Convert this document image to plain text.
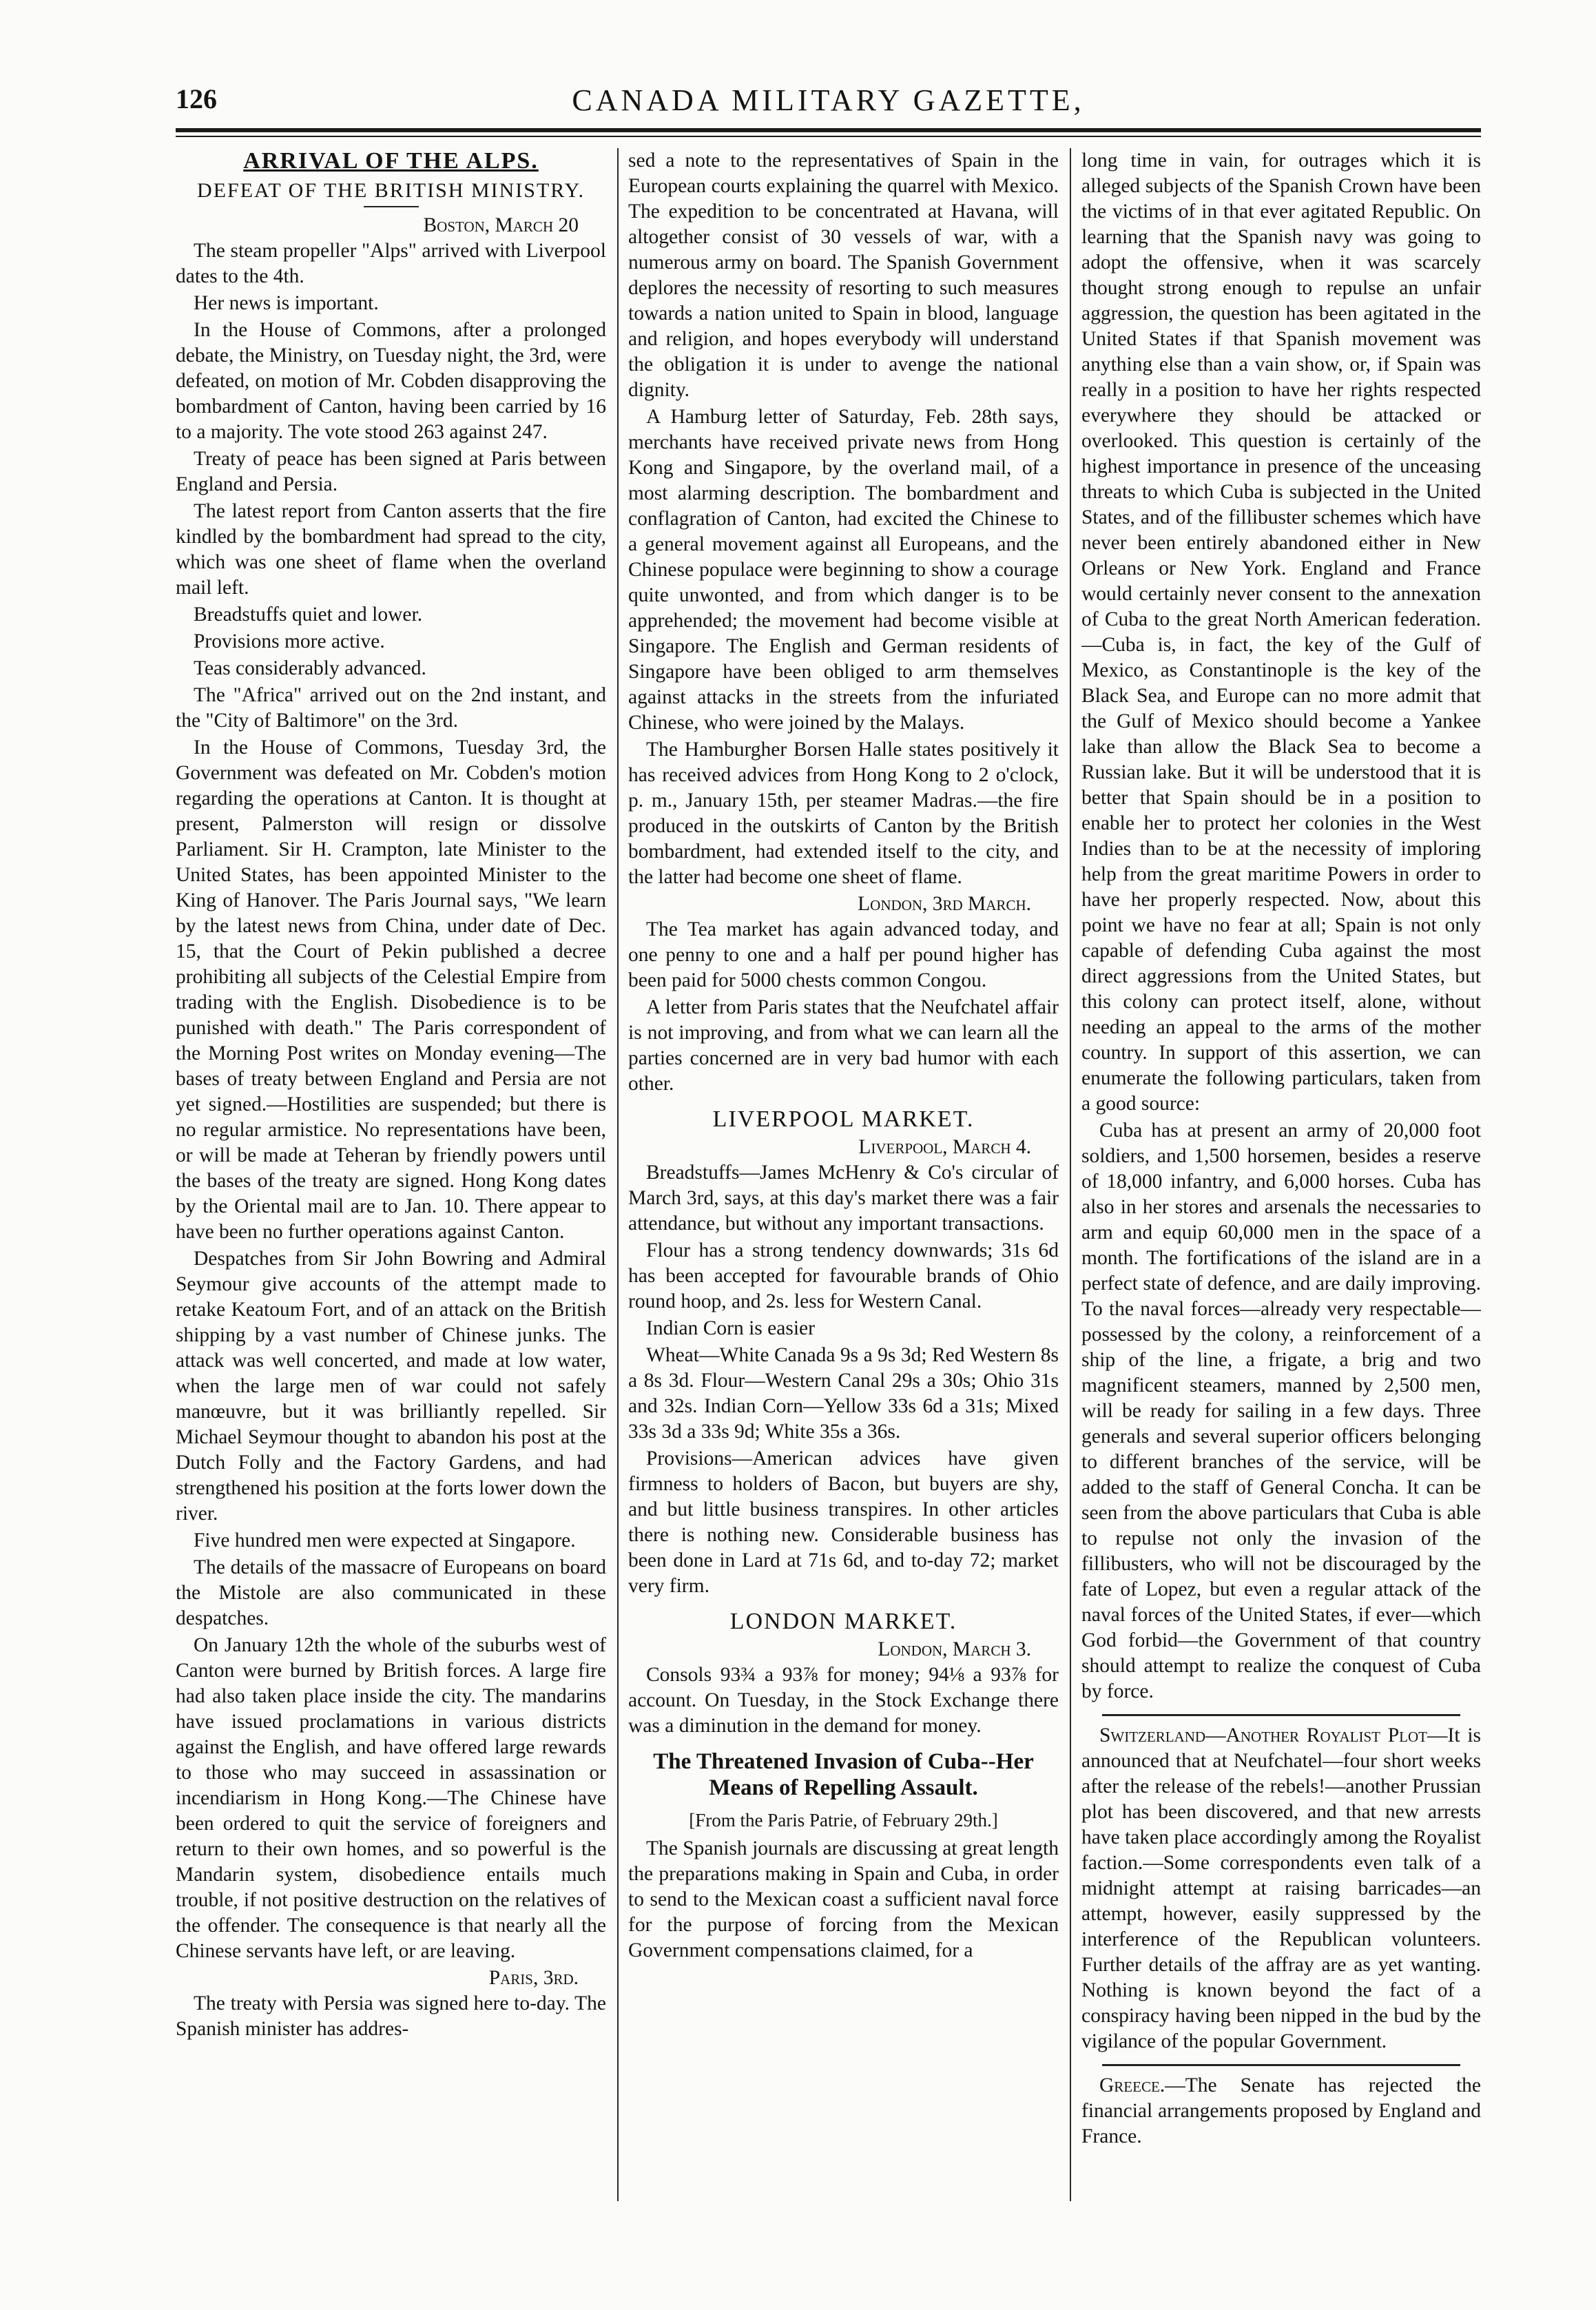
126	CANADA MILITARY GAZETTE,
ARRIVAL OF THE ALPS.
DEFEAT OF THE BRITISH MINISTRY.
Boston, March 20

The steam propeller "Alps" arrived with Liverpool dates to the 4th.

Her news is important.

In the House of Commons, after a prolonged debate, the Ministry, on Tuesday night, the 3rd, were defeated, on motion of Mr. Cobden disapproving the bombardment of Canton, having been carried by 16 to a majority. The vote stood 263 against 247.

Treaty of peace has been signed at Paris between England and Persia.

The latest report from Canton asserts that the fire kindled by the bombardment had spread to the city, which was one sheet of flame when the overland mail left.

Breadstuffs quiet and lower.

Provisions more active.

Teas considerably advanced.

The "Africa" arrived out on the 2nd instant, and the "City of Baltimore" on the 3rd.

In the House of Commons, Tuesday 3rd, the Government was defeated on Mr. Cobden's motion regarding the operations at Canton. It is thought at present, Palmerston will resign or dissolve Parliament. Sir H. Crampton, late Minister to the United States, has been appointed Minister to the King of Hanover. The Paris Journal says, "We learn by the latest news from China, under date of Dec. 15, that the Court of Pekin published a decree prohibiting all subjects of the Celestial Empire from trading with the English. Disobedience is to be punished with death." The Paris correspondent of the Morning Post writes on Monday evening—The bases of treaty between England and Persia are not yet signed.—Hostilities are suspended; but there is no regular armistice. No representations have been, or will be made at Teheran by friendly powers until the bases of the treaty are signed. Hong Kong dates by the Oriental mail are to Jan. 10. There appear to have been no further operations against Canton.

Despatches from Sir John Bowring and Admiral Seymour give accounts of the attempt made to retake Keatoum Fort, and of an attack on the British shipping by a vast number of Chinese junks. The attack was well concerted, and made at low water, when the large men of war could not safely manœuvre, but it was brilliantly repelled. Sir Michael Seymour thought to abandon his post at the Dutch Folly and the Factory Gardens, and had strengthened his position at the forts lower down the river.

Five hundred men were expected at Singapore.

The details of the massacre of Europeans on board the Mistole are also communicated in these despatches.

On January 12th the whole of the suburbs west of Canton were burned by British forces. A large fire had also taken place inside the city. The mandarins have issued proclamations in various districts against the English, and have offered large rewards to those who may succeed in assassination or incendiarism in Hong Kong.—The Chinese have been ordered to quit the service of foreigners and return to their own homes, and so powerful is the Mandarin system, disobedience entails much trouble, if not positive destruction on the relatives of the offender. The consequence is that nearly all the Chinese servants have left, or are leaving.

Paris, 3rd.

The treaty with Persia was signed here to-day. The Spanish minister has addres-

sed a note to the representatives of Spain in the European courts explaining the quarrel with Mexico. The expedition to be concentrated at Havana, will altogether consist of 30 vessels of war, with a numerous army on board. The Spanish Government deplores the necessity of resorting to such measures towards a nation united to Spain in blood, language and religion, and hopes everybody will understand the obligation it is under to avenge the national dignity.

A Hamburg letter of Saturday, Feb. 28th says, merchants have received private news from Hong Kong and Singapore, by the overland mail, of a most alarming description. The bombardment and conflagration of Canton, had excited the Chinese to a general movement against all Europeans, and the Chinese populace were beginning to show a courage quite unwonted, and from which danger is to be apprehended; the movement had become visible at Singapore. The English and German residents of Singapore have been obliged to arm themselves against attacks in the streets from the infuriated Chinese, who were joined by the Malays.

The Hamburgher Borsen Halle states positively it has received advices from Hong Kong to 2 o'clock, p. m., January 15th, per steamer Madras.—the fire produced in the outskirts of Canton by the British bombardment, had extended itself to the city, and the latter had become one sheet of flame.

London, 3rd March.

The Tea market has again advanced today, and one penny to one and a half per pound higher has been paid for 5000 chests common Congou.

A letter from Paris states that the Neufchatel affair is not improving, and from what we can learn all the parties concerned are in very bad humor with each other.

LIVERPOOL MARKET.
Liverpool, March 4.

Breadstuffs—James McHenry & Co's circular of March 3rd, says, at this day's market there was a fair attendance, but without any important transactions.

Flour has a strong tendency downwards; 31s 6d has been accepted for favourable brands of Ohio round hoop, and 2s. less for Western Canal.

Indian Corn is easier

Wheat—White Canada 9s a 9s 3d; Red Western 8s a 8s 3d. Flour—Western Canal 29s a 30s; Ohio 31s and 32s. Indian Corn—Yellow 33s 6d a 31s; Mixed 33s 3d a 33s 9d; White 35s a 36s.

Provisions—American advices have given firmness to holders of Bacon, but buyers are shy, and but little business transpires. In other articles there is nothing new. Considerable business has been done in Lard at 71s 6d, and to-day 72; market very firm.

LONDON MARKET.
London, March 3.

Consols 93¾ a 93⅞ for money; 94⅛ a 93⅞ for account. On Tuesday, in the Stock Exchange there was a diminution in the demand for money.

The Threatened Invasion of Cuba--Her Means of Repelling Assault.
[From the Paris Patrie, of February 29th.]

The Spanish journals are discussing at great length the preparations making in Spain and Cuba, in order to send to the Mexican coast a sufficient naval force for the purpose of forcing from the Mexican Government compensations claimed, for a

long time in vain, for outrages which it is alleged subjects of the Spanish Crown have been the victims of in that ever agitated Republic. On learning that the Spanish navy was going to adopt the offensive, when it was scarcely thought strong enough to repulse an unfair aggression, the question has been agitated in the United States if that Spanish movement was anything else than a vain show, or, if Spain was really in a position to have her rights respected everywhere they should be attacked or overlooked. This question is certainly of the highest importance in presence of the unceasing threats to which Cuba is subjected in the United States, and of the fillibuster schemes which have never been entirely abandoned either in New Orleans or New York. England and France would certainly never consent to the annexation of Cuba to the great North American federation.—Cuba is, in fact, the key of the Gulf of Mexico, as Constantinople is the key of the Black Sea, and Europe can no more admit that the Gulf of Mexico should become a Yankee lake than allow the Black Sea to become a Russian lake. But it will be understood that it is better that Spain should be in a position to enable her to protect her colonies in the West Indies than to be at the necessity of imploring help from the great maritime Powers in order to have her properly respected. Now, about this point we have no fear at all; Spain is not only capable of defending Cuba against the most direct aggressions from the United States, but this colony can protect itself, alone, without needing an appeal to the arms of the mother country. In support of this assertion, we can enumerate the following particulars, taken from a good source:

Cuba has at present an army of 20,000 foot soldiers, and 1,500 horsemen, besides a reserve of 18,000 infantry, and 6,000 horses. Cuba has also in her stores and arsenals the necessaries to arm and equip 60,000 men in the space of a month. The fortifications of the island are in a perfect state of defence, and are daily improving. To the naval forces—already very respectable—possessed by the colony, a reinforcement of a ship of the line, a frigate, a brig and two magnificent steamers, manned by 2,500 men, will be ready for sailing in a few days. Three generals and several superior officers belonging to different branches of the service, will be added to the staff of General Concha. It can be seen from the above particulars that Cuba is able to repulse not only the invasion of the fillibusters, who will not be discouraged by the fate of Lopez, but even a regular attack of the naval forces of the United States, if ever—which God forbid—the Government of that country should attempt to realize the conquest of Cuba by force.

Switzerland—Another Royalist Plot—It is announced that at Neufchatel—four short weeks after the release of the rebels!—another Prussian plot has been discovered, and that new arrests have taken place accordingly among the Royalist faction.—Some correspondents even talk of a midnight attempt at raising barricades—an attempt, however, easily suppressed by the interference of the Republican volunteers. Further details of the affray are as yet wanting. Nothing is known beyond the fact of a conspiracy having been nipped in the bud by the vigilance of the popular Government.

Greece.—The Senate has rejected the financial arrangements proposed by England and France.
